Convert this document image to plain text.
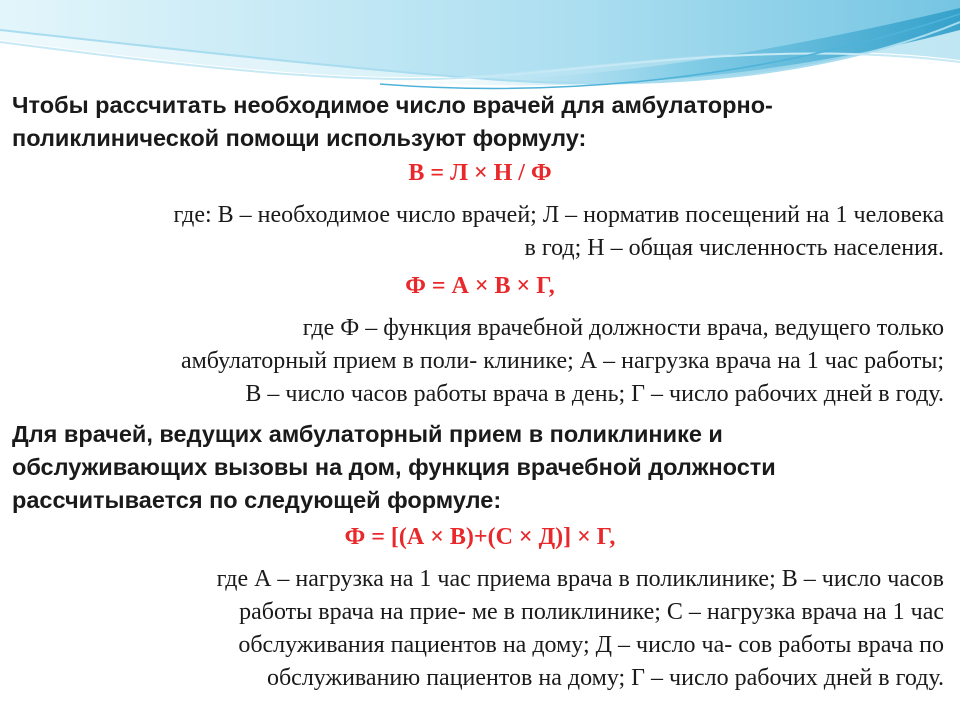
Чтобы рассчитать необходимое число врачей для амбулаторно-
поликлинической помощи используют формулу:
В = Л × Н / Ф
где: В – необходимое число врачей; Л – норматив посещений на 1 человека
в год; Н – общая численность населения.
Ф = А × В × Г,
где Ф – функция врачебной должности врача, ведущего только
амбулаторный прием в поли- клинике; А – нагрузка врача на 1 час работы;
В – число часов работы врача в день; Г – число рабочих дней в году.
Для врачей, ведущих амбулаторный прием в поликлинике и
обслуживающих вызовы на дом, функция врачебной должности
рассчитывается по следующей формуле:
Ф = [(А × В)+(С × Д)] × Г,
где А – нагрузка на 1 час приема врача в поликлинике; В – число часов
работы врача на прие- ме в поликлинике; С – нагрузка врача на 1 час
обслуживания пациентов на дому; Д – число ча- сов работы врача по
обслуживанию пациентов на дому; Г – число рабочих дней в году.
